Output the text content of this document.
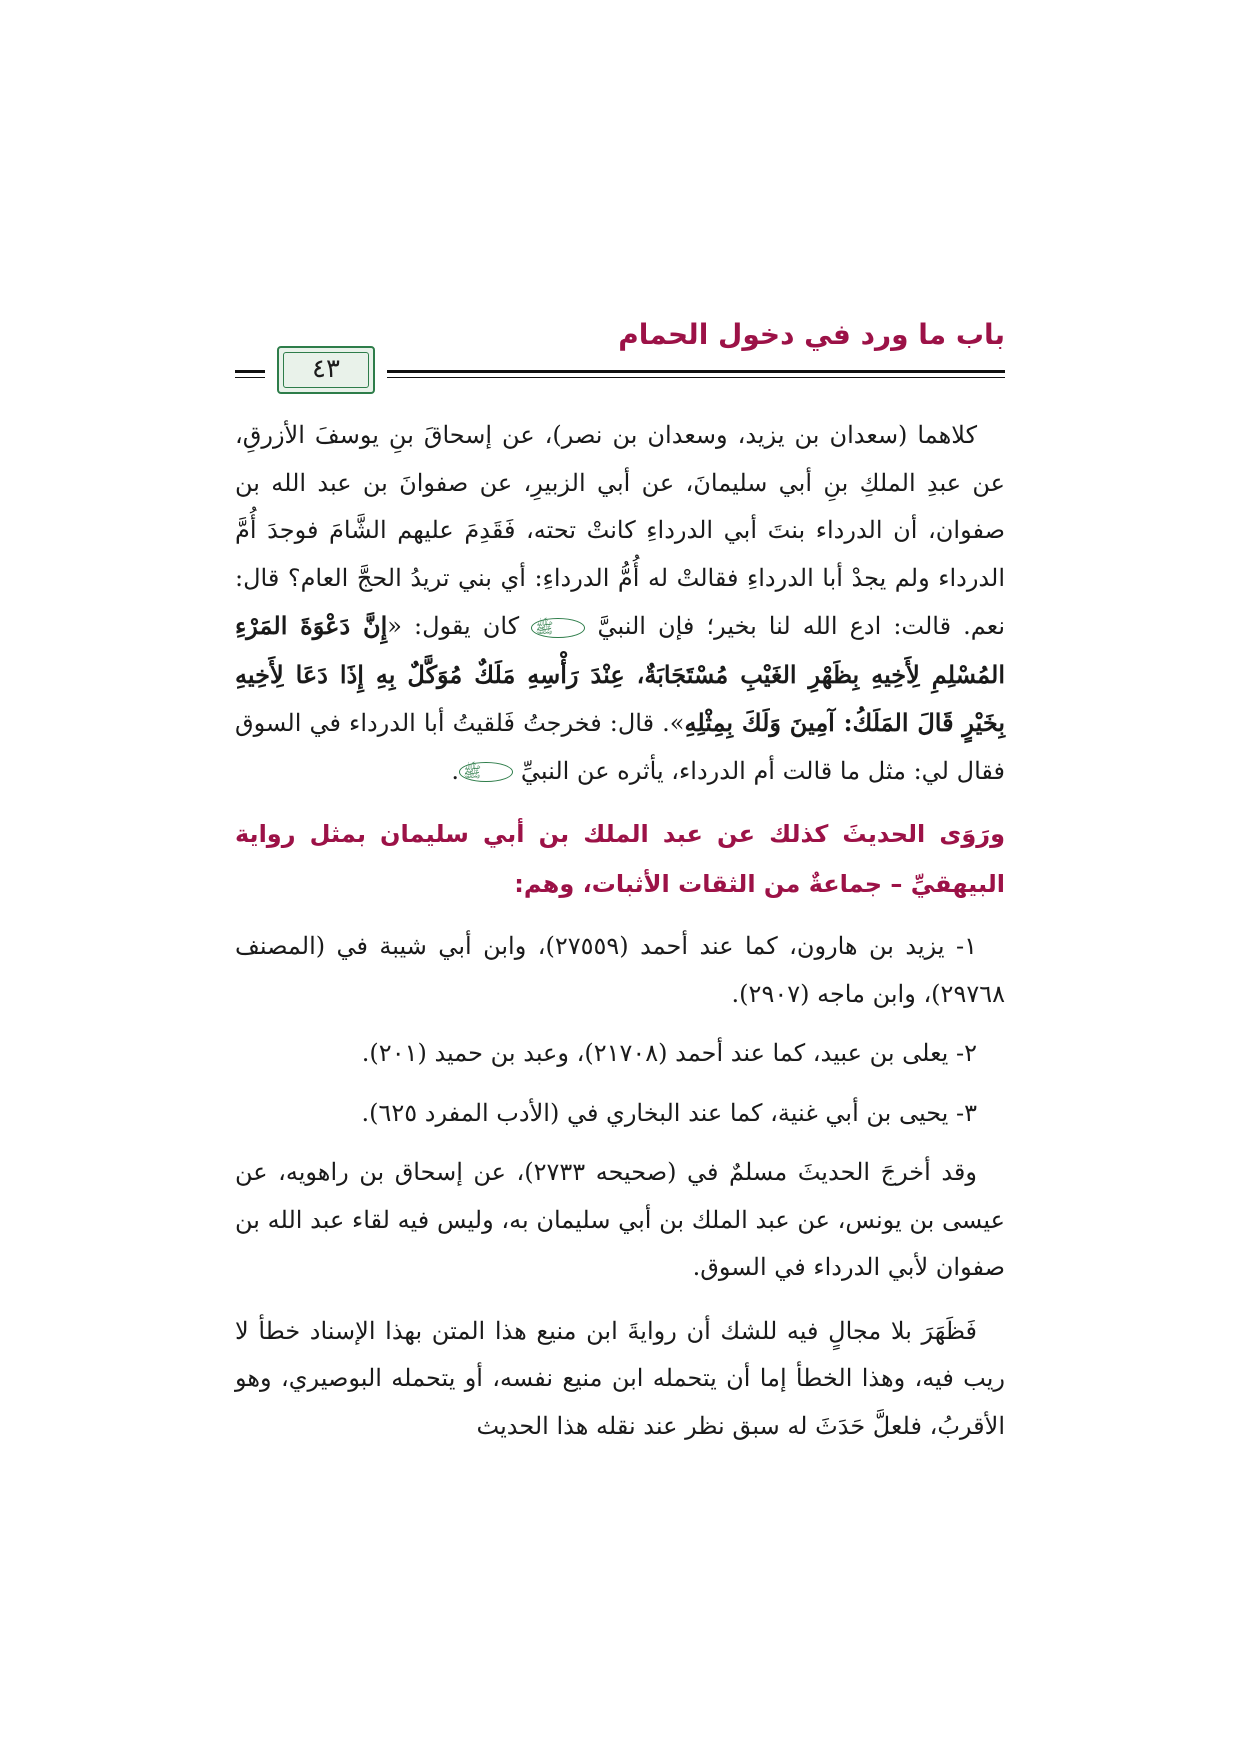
باب ما ورد في دخول الحمام
٤٣

كلاهما (سعدان بن يزيد، وسعدان بن نصر)، عن إسحاقَ بنِ يوسفَ الأزرقِ، عن عبدِ الملكِ بنِ أبي سليمانَ، عن أبي الزبيرِ، عن صفوانَ بن عبد الله بن صفوان، أن الدرداء بنتَ أبي الدرداءِ كانتْ تحته، فَقَدِمَ عليهم الشَّامَ فوجدَ أُمَّ الدرداء ولم يجدْ أبا الدرداءِ فقالتْ له أُمُّ الدرداءِ: أي بني تريدُ الحجَّ العام؟ قال: نعم. قالت: ادع الله لنا بخير؛ فإن النبيَّ ﷺ كان يقول: «إِنَّ دَعْوَةَ المَرْءِ المُسْلِمِ لِأَخِيهِ بِظَهْرِ الغَيْبِ مُسْتَجَابَةٌ، عِنْدَ رَأْسِهِ مَلَكٌ مُوَكَّلٌ بِهِ إِذَا دَعَا لِأَخِيهِ بِخَيْرٍ قَالَ المَلَكُ: آمِينَ وَلَكَ بِمِثْلِهِ». قال: فخرجتُ فَلقيتُ أبا الدرداء في السوق فقال لي: مثل ما قالت أم الدرداء، يأثره عن النبيِّ ﷺ.

ورَوَى الحديثَ كذلك عن عبد الملك بن أبي سليمان بمثل رواية البيهقيِّ – جماعةٌ من الثقات الأثبات، وهم:

١- يزيد بن هارون، كما عند أحمد (٢٧٥٥٩)، وابن أبي شيبة في (المصنف ٢٩٧٦٨)، وابن ماجه (٢٩٠٧).

٢- يعلى بن عبيد، كما عند أحمد (٢١٧٠٨)، وعبد بن حميد (٢٠١).

٣- يحيى بن أبي غنية، كما عند البخاري في (الأدب المفرد ٦٢٥).

وقد أخرجَ الحديثَ مسلمٌ في (صحيحه ٢٧٣٣)، عن إسحاق بن راهويه، عن عيسى بن يونس، عن عبد الملك بن أبي سليمان به، وليس فيه لقاء عبد الله بن صفوان لأبي الدرداء في السوق.

فَظَهَرَ بلا مجالٍ فيه للشك أن روايةَ ابن منيع هذا المتن بهذا الإسناد خطأ لا ريب فيه، وهذا الخطأ إما أن يتحمله ابن منيع نفسه، أو يتحمله البوصيري، وهو الأقربُ، فلعلَّ حَدَثَ له سبق نظر عند نقله هذا الحديث
